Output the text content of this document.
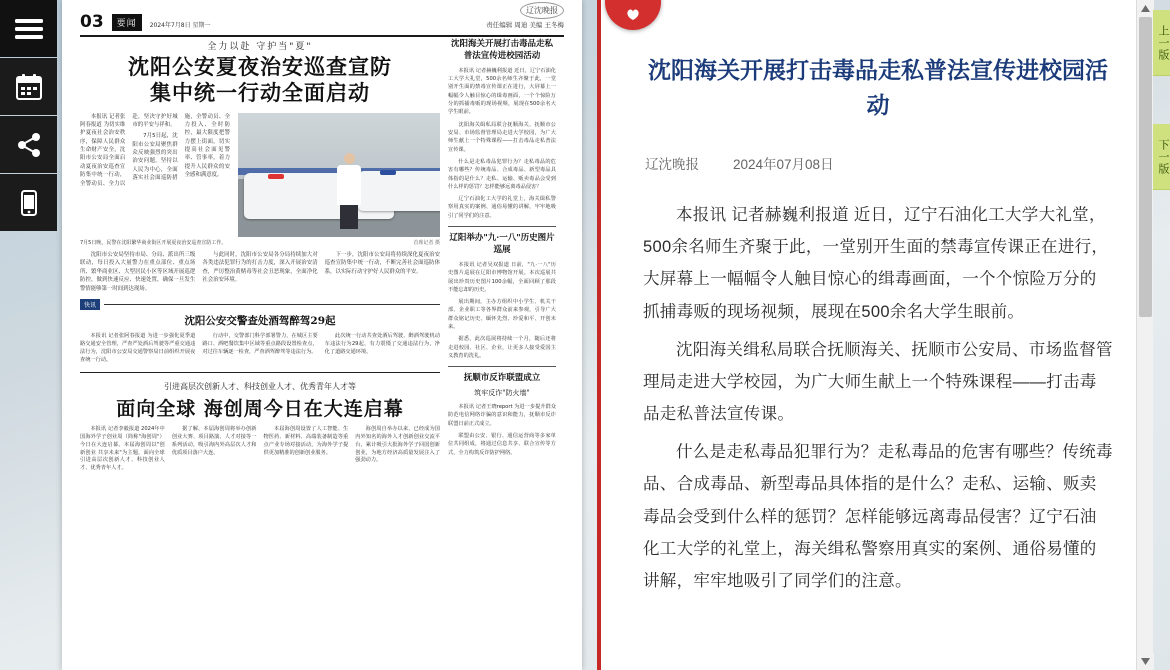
03	要闻	2024年7月8日 星期一	责任编辑 周迪 美编 王冬梅
辽沈晚报
全力以赴 守护当"夏"
沈阳公安夏夜治安巡查宣防
集中统一行动全面启动

本报讯 记者张阿春报道 为切实维护夏夜社会治安秩序，保障人民群众生命财产安全，沈阳市公安局全面启动夏夜治安巡查宣防集中统一行动，全警动员、全力以赴，坚决守护好城市的平安与祥和。

7月5日起，沈阳市公安局聚焦群众反映强烈的突出治安问题，坚持以人民为中心，全面落实社会面巡防措施，全警动员、全力投入、全时防控，最大限度把警力摆上街面，切实提高社会面见警率、管事率，着力提升人民群众的安全感和满意度。

首席记者 摄
7月5日晚，民警在沈阳繁华商业街区开展夏夜治安巡查宣防工作。

沈阳市公安局坚持市局、分局、派出所三级联动，每日投入大量警力在重点部位、重点场所、繁华商业区、大型居民小区等区域开展巡逻防控，做到快速反应、快速处置，确保一旦发生警情能够第一时间到达现场。

与此同时，沈阳市公安局各分局持续加大对各类违法犯罪行为的打击力度，深入开展治安清查，严厉整治黄赌毒等社会丑恶现象，全面净化社会治安环境。

下一步，沈阳市公安局将持续深化夏夜治安巡查宣防集中统一行动，不断完善社会面巡防体系，以实际行动守护好人民群众的平安。

快讯
沈阳公安交警查处酒驾醉驾29起

本报讯 记者张阿春报道 为进一步强化夏季道路交通安全管理，严查严处酒后驾驶等严重交通违法行为，沈阳市公安局交通警察局日前组织开展夜查统一行动。

行动中，交警部门科学部署警力，在城区主要路口、酒吧餐饮集中区域等重点路段设置检查点，对过往车辆逐一检查，严查酒驾醉驾等违法行为。

此次统一行动共查处酒后驾驶、醉酒驾驶机动车违法行为29起，有力震慑了交通违法行为，净化了道路交通环境。

引进高层次创新人才、科技创业人才、优秀青年人才等
面向全球 海创周今日在大连启幕

本报讯 记者李毅报道 2024年中国海外学子创业周（简称"海创周"）今日在大连启幕。本届海创周以"创新创业 共享未来"为主题，面向全球引进高层次创新人才、科技创业人才、优秀青年人才。

据了解，本届海创周将举办创新创业大赛、项目路演、人才对接等一系列活动，吸引海内外高层次人才和优质项目落户大连。

本届海创周设置了人工智能、生物医药、新材料、高端装备制造等重点产业专场对接活动，为海外学子提供更加精准的创新创业服务。

海创周自举办以来，已经成为国内外知名的海外人才创新创业交流平台，累计吸引大批海外学子回国创新创业，为地方经济高质量发展注入了强劲动力。

沈阳海关开展打击毒品走私普法宣传进校园活动

本报讯 记者赫巍利报道 近日，辽宁石油化工大学大礼堂，500余名师生齐聚于此，一堂别开生面的禁毒宣传课正在进行，大屏幕上一幅幅令人触目惊心的缉毒画面，一个个惊险万分的抓捕毒贩的现场视频，展现在500余名大学生眼前。

沈阳海关缉私局联合抚顺海关、抚顺市公安局、市场监督管理局走进大学校园，为广大师生献上一个特殊课程——打击毒品走私普法宣传课。

什么是走私毒品犯罪行为？走私毒品的危害有哪些？传统毒品、合成毒品、新型毒品具体指的是什么？走私、运输、贩卖毒品会受到什么样的惩罚？怎样能够远离毒品侵害？

辽宁石油化工大学的礼堂上，海关缉私警察用真实的案例、通俗易懂的讲解，牢牢地吸引了同学们的注意。

辽阳举办"九·一八"历史图片巡展

本报讯 记者吴双报道 日前，"九·一八"历史图片巡展在辽阳市博物馆开展。本次巡展共展出珍贵历史图片100余幅，全面回顾了那段不能忘却的历史。

展出期间，主办方组织中小学生、机关干部、企业职工等各界群众前来参观，引导广大群众铭记历史、缅怀先烈、珍爱和平、开创未来。

据悉，此次巡展将持续一个月，随后还将走进校园、社区、企业，让更多人接受爱国主义教育的洗礼。

抚顺市反诈联盟成立
筑牢反诈"防火墙"

本报讯 记者王晓report 为进一步提升群众防范电信网络诈骗的意识和能力，抚顺市反诈联盟日前正式成立。

联盟由公安、银行、通信运营商等多家单位共同组成，将通过信息共享、联合宣传等方式，全力构筑反诈防护网络。

沈阳海关开展打击毒品走私普法宣传进校园活动
辽沈晚报	2024年07月08日

本报讯 记者赫巍利报道 近日，辽宁石油化工大学大礼堂，500余名师生齐聚于此，一堂别开生面的禁毒宣传课正在进行，大屏幕上一幅幅令人触目惊心的缉毒画面，一个个惊险万分的抓捕毒贩的现场视频，展现在500余名大学生眼前。

沈阳海关缉私局联合抚顺海关、抚顺市公安局、市场监督管理局走进大学校园，为广大师生献上一个特殊课程——打击毒品走私普法宣传课。

什么是走私毒品犯罪行为？走私毒品的危害有哪些？传统毒品、合成毒品、新型毒品具体指的是什么？走私、运输、贩卖毒品会受到什么样的惩罚？怎样能够远离毒品侵害？辽宁石油化工大学的礼堂上，海关缉私警察用真实的案例、通俗易懂的讲解，牢牢地吸引了同学们的注意。

上一版
下一版
